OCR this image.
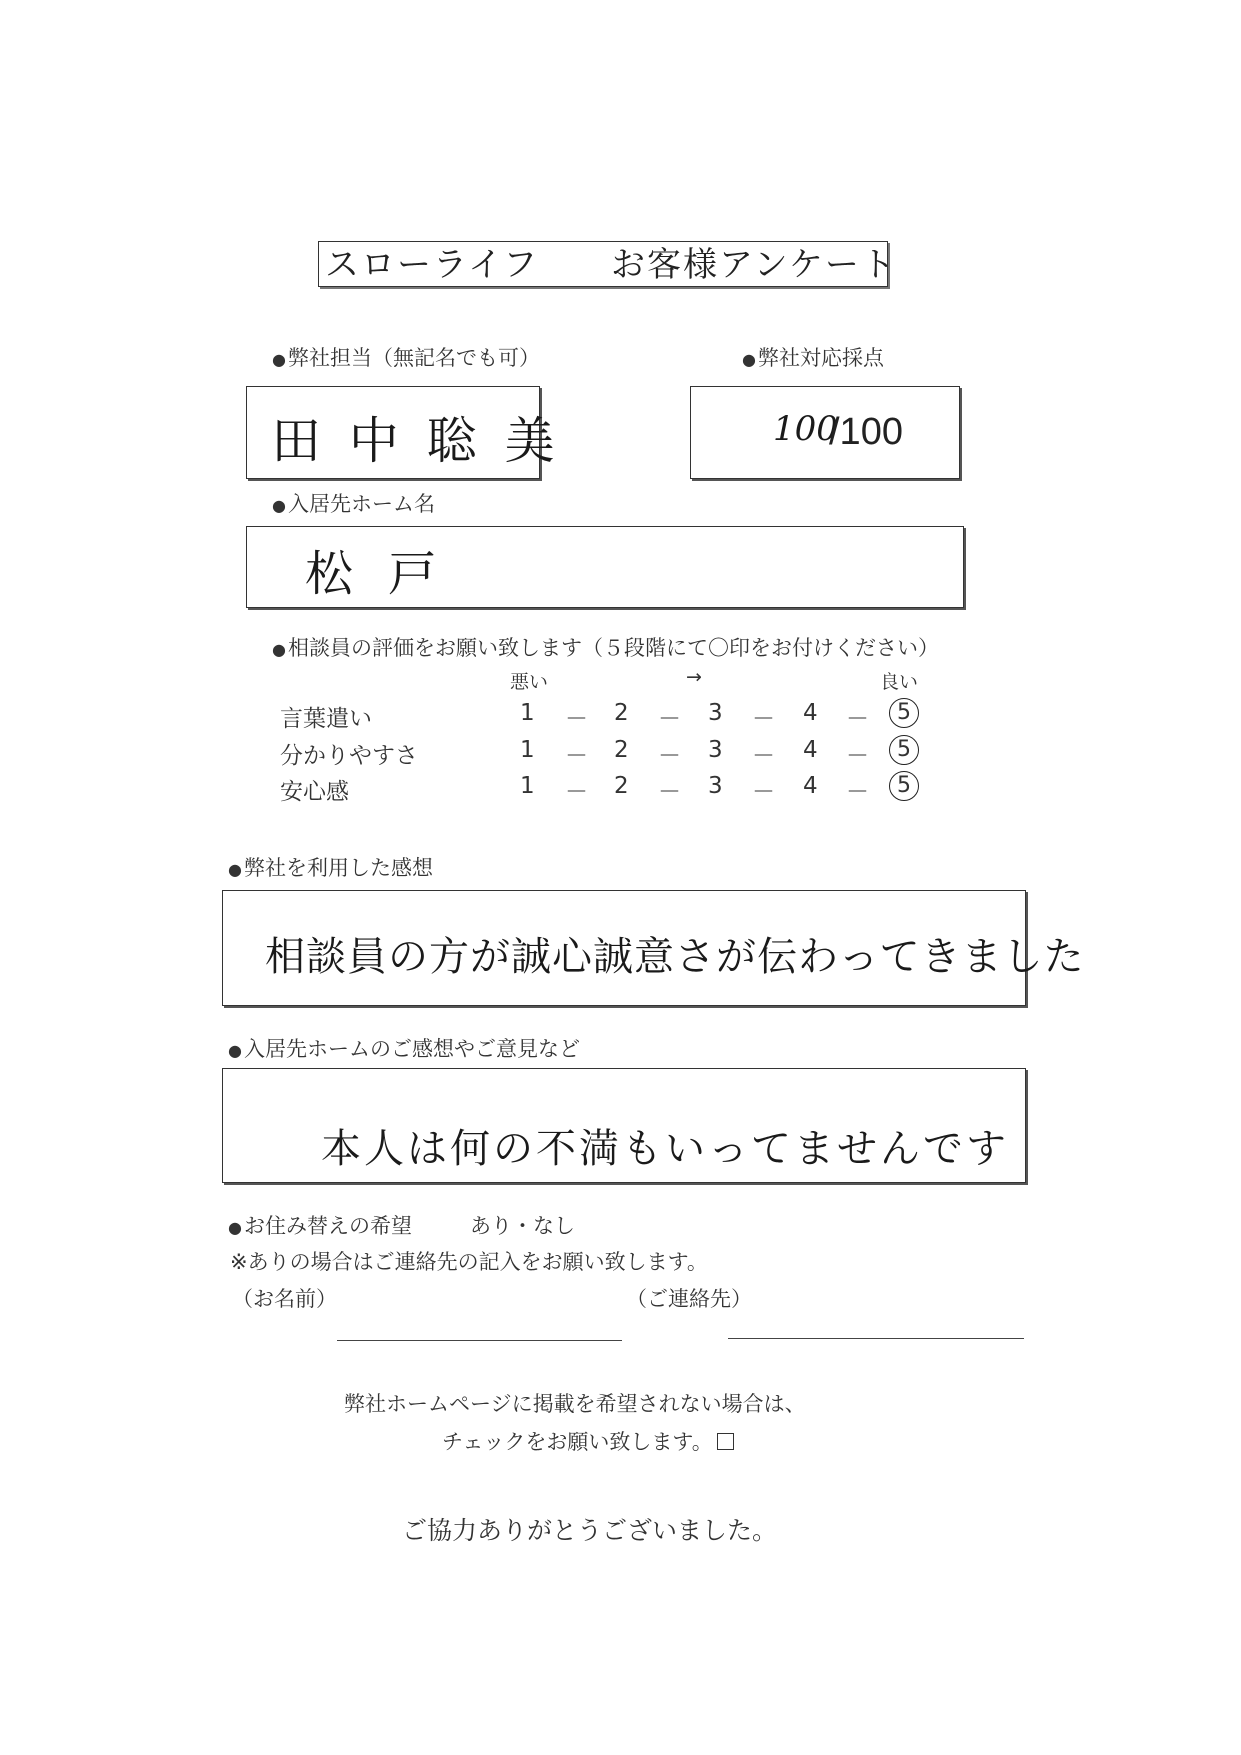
スローライフ　　お客様アンケート
●弊社担当（無記名でも可）
田 中 聡 美
●弊社対応採点
100
/100
●入居先ホーム名
松 戸
●相談員の評価をお願い致します（５段階にて〇印をお付けください）
悪い	→	良い
言葉遣い	1 － 2 － 3 － 4 －	5
分かりやすさ	1 － 2 － 3 － 4 －	5
安心感	1 － 2 － 3 － 4 －	5
●弊社を利用した感想
相談員の方が誠心誠意さが伝わってきました
●入居先ホームのご感想やご意見など
本人は何の不満もいってませんです
●お住み替えの希望	あり・なし
※ありの場合はご連絡先の記入をお願い致します。
（お名前）	（ご連絡先）
弊社ホームページに掲載を希望されない場合は、
チェックをお願い致します。
ご協力ありがとうございました。
